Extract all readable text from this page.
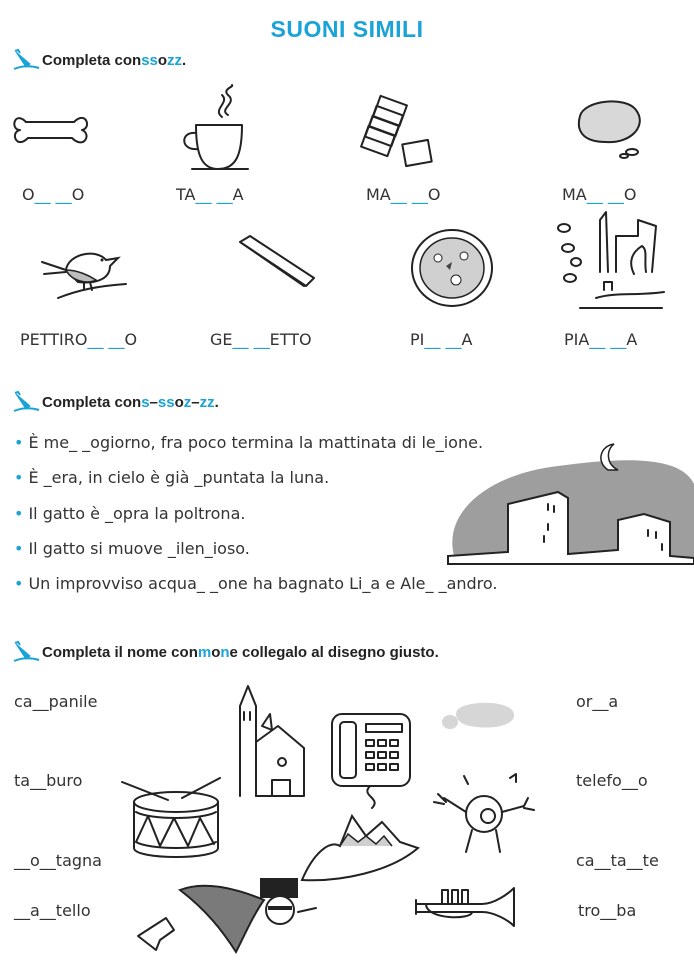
SUONI SIMILI
Completa con ss o zz .
O__ __O	TA__ __A	MA__ __O	MA__ __O
PETTIRO__ __O	GE__ __ETTO	PI__ __A	PIA__ __A
Completa con s – ss o z – zz .
• È me_ _ogiorno, fra poco termina la mattinata di le_ione.
• È _era, in cielo è già _puntata la luna.
• Il gatto è _opra la poltrona.
• Il gatto si muove _ilen_ioso.
• Un improvviso acqua_ _one ha bagnato Li_a e Ale_ _andro.
Completa il nome con m o n e collegalo al disegno giusto.
ca__panile
ta__buro
__o__tagna
__a__tello
or__a
telefo__o
ca__ta__te
tro__ba
